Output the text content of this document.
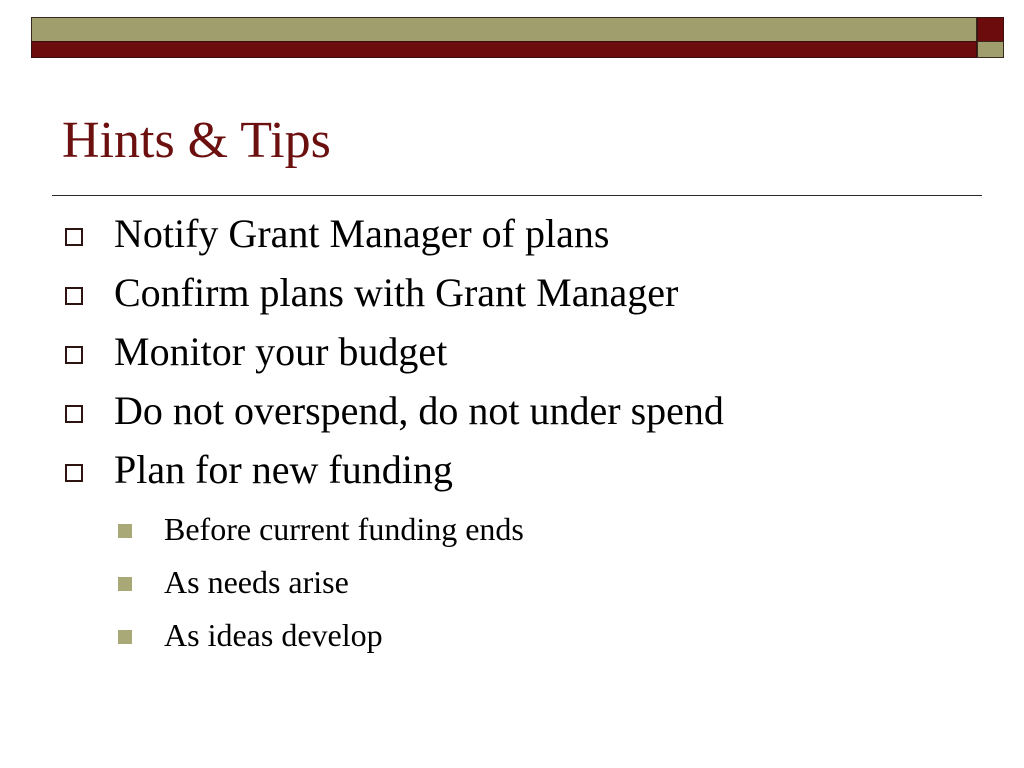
Hints & Tips
Notify Grant Manager of plans
Confirm plans with Grant Manager
Monitor your budget
Do not overspend, do not under spend
Plan for new funding
Before current funding ends
As needs arise
As ideas develop
